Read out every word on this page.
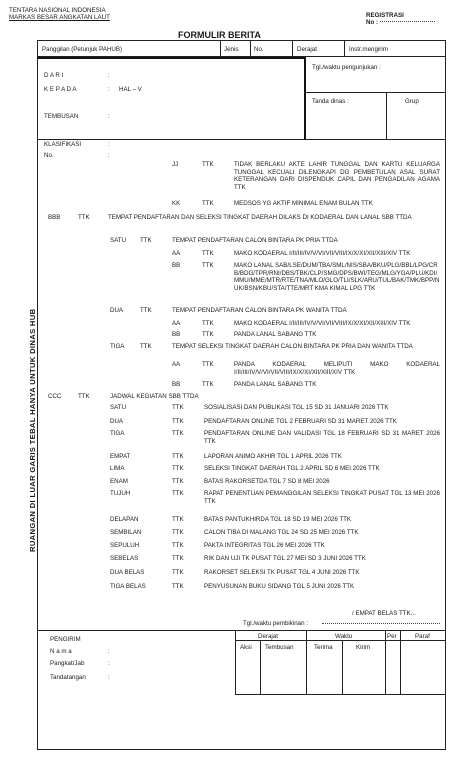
TENTARA NASIONAL INDONESIA
MARKAS BESAR ANGKATAN LAUT	REGISTRASI
No :
FORMULIR BERITA
Panggilan (Petunjuk PAHUB)	Jenis	No.	Derajat	Instr.mengirim
D A R I	:
K E P A D A	: HAL – V
TEMBUSAN	:
Tgl./waktu pengunjukan :
Tanda dinas :	Grup
KLASIFIKASI	:
No.	:
RUANGAN DI LUAR GARIS TEBAL HANYA UNTUK DINAS HUB
JJ	TTK	TIDAK BERLAKU AKTE LAHIR TUNGGAL DAN KARTU KELUARGA TUNGGAL KECUALI DILENGKAPI DG PEMBETULAN ASAL SURAT KETERANGAN DARI DISPENDUK CAPIL DAN PENGADILAN AGAMA TTK
KK	TTK	MEDSOS YG AKTIF MINIMAL ENAM BULAN TTK
BBB	TTK	TEMPAT PENDAFTARAN DAN SELEKSI TINGKAT DAERAH DILAKS DI KODAERAL DAN LANAL SBB TTDA
SATU TTK	TEMPAT PENDAFTARAN CALON BINTARA PK PRIA TTDA
AA	TTK	MAKO KODAERAL I/II/III/IV/V/VI/VII/VIII/IX/X/XI/XII/XIII/XIV TTK
BB	TTK	MAKO LANAL SAB/LSE/DUM/TBA/SML/NIS/SBA/BKU/PLG/BBL/LPG/CRB/BDG/TPR/RNI/DBS/TBK/CLP/SMG/DPS/BWI/TEG/MLG/YGA/PLU/KDI/MMU/MME/MTR/RTE/TNA/MLO/GLO/TLI/SLK/ARU/TUL/BAK/TMK/BPP/NUK/BSN/KBU/STA/TTE/MRT KMA KIMAL LPG TTK
DUA	TTK	TEMPAT PENDAFTARAN CALON BINTARA PK WANITA TTDA
AA	TTK	MAKO KODAERAL I/II/III/IV/V/VI/VII/VIII/IX/X/XI/XII/XIII/XIV TTK
BB	TTK	PANDA LANAL SABANG TTK
TIGA	TTK	TEMPAT SELEKSI TINGKAT DAERAH CALON BINTARA PK PRIA DAN WANITA TTDA
AA	TTK	PANDA KODAERAL MELIPUTI MAKO KODAERAL I/II/III/IV/V/VI/VII/VIII/IX/X/XI/XII/XIII/XIV TTK
BB	TTK	PANDA LANAL SABANG TTK
CCC	TTK	JADWAL KEGIATAN SBB TTDA
SATU	TTK	SOSIALISASI DAN PUBLIKASI TGL 15 SD 31 JANUARI 2026 TTK
DUA	TTK	PENDAFTARAN ONLINE TGL 2 FEBRUARI SD 31 MARET 2026 TTK
TIGA	TTK	PENDAFTARAN ONLINE DAN VALIDASI TGL 18 FEBRUARI SD 31 MARET 2026 TTK
EMPAT	TTK	LAPORAN ANIMO AKHIR TGL 1 APRIL 2026 TTK
LIMA	TTK	SELEKSI TINGKAT DAERAH TGL 2 APRIL SD 6 MEI 2026 TTK
ENAM	TTK	BATAS RAKORSETDA TGL 7 SD 8 MEI 2026
TUJUH	TTK	RAPAT PENENTUAN PEMANGGILAN SELEKSI TINGKAT PUSAT TGL 13 MEI 2026 TTK
DELAPAN	TTK	BATAS PANTUKHIRDA TGL 18 SD 19 MEI 2026 TTK
SEMBILAN	TTK	CALON TIBA DI MALANG TGL 24 SD 25 MEI 2026 TTK
SEPULUH	TTK	PAKTA INTEGRITAS TGL 26 MEI 2026 TTK
SEBELAS	TTK	RIK DAN UJI TK PUSAT TGL 27 MEI SD 3 JUNI 2026 TTK
DUA BELAS	TTK	RAKORSET SELEKSI TK PUSAT TGL 4 JUNI 2026 TTK
TIGA BELAS	TTK	PENYUSUNAN BUKU SIDANG TGL 5 JUNI 2026 TTK
/ EMPAT BELAS TTK...
Tgl./waktu pembikinan :
PENGIRIM
N a m a	:
Pangkat/Jab	:
Tandatangan	:
Derajat
Aksi Tembusan
Waktu
Terima	Kirim
Per	Paraf
